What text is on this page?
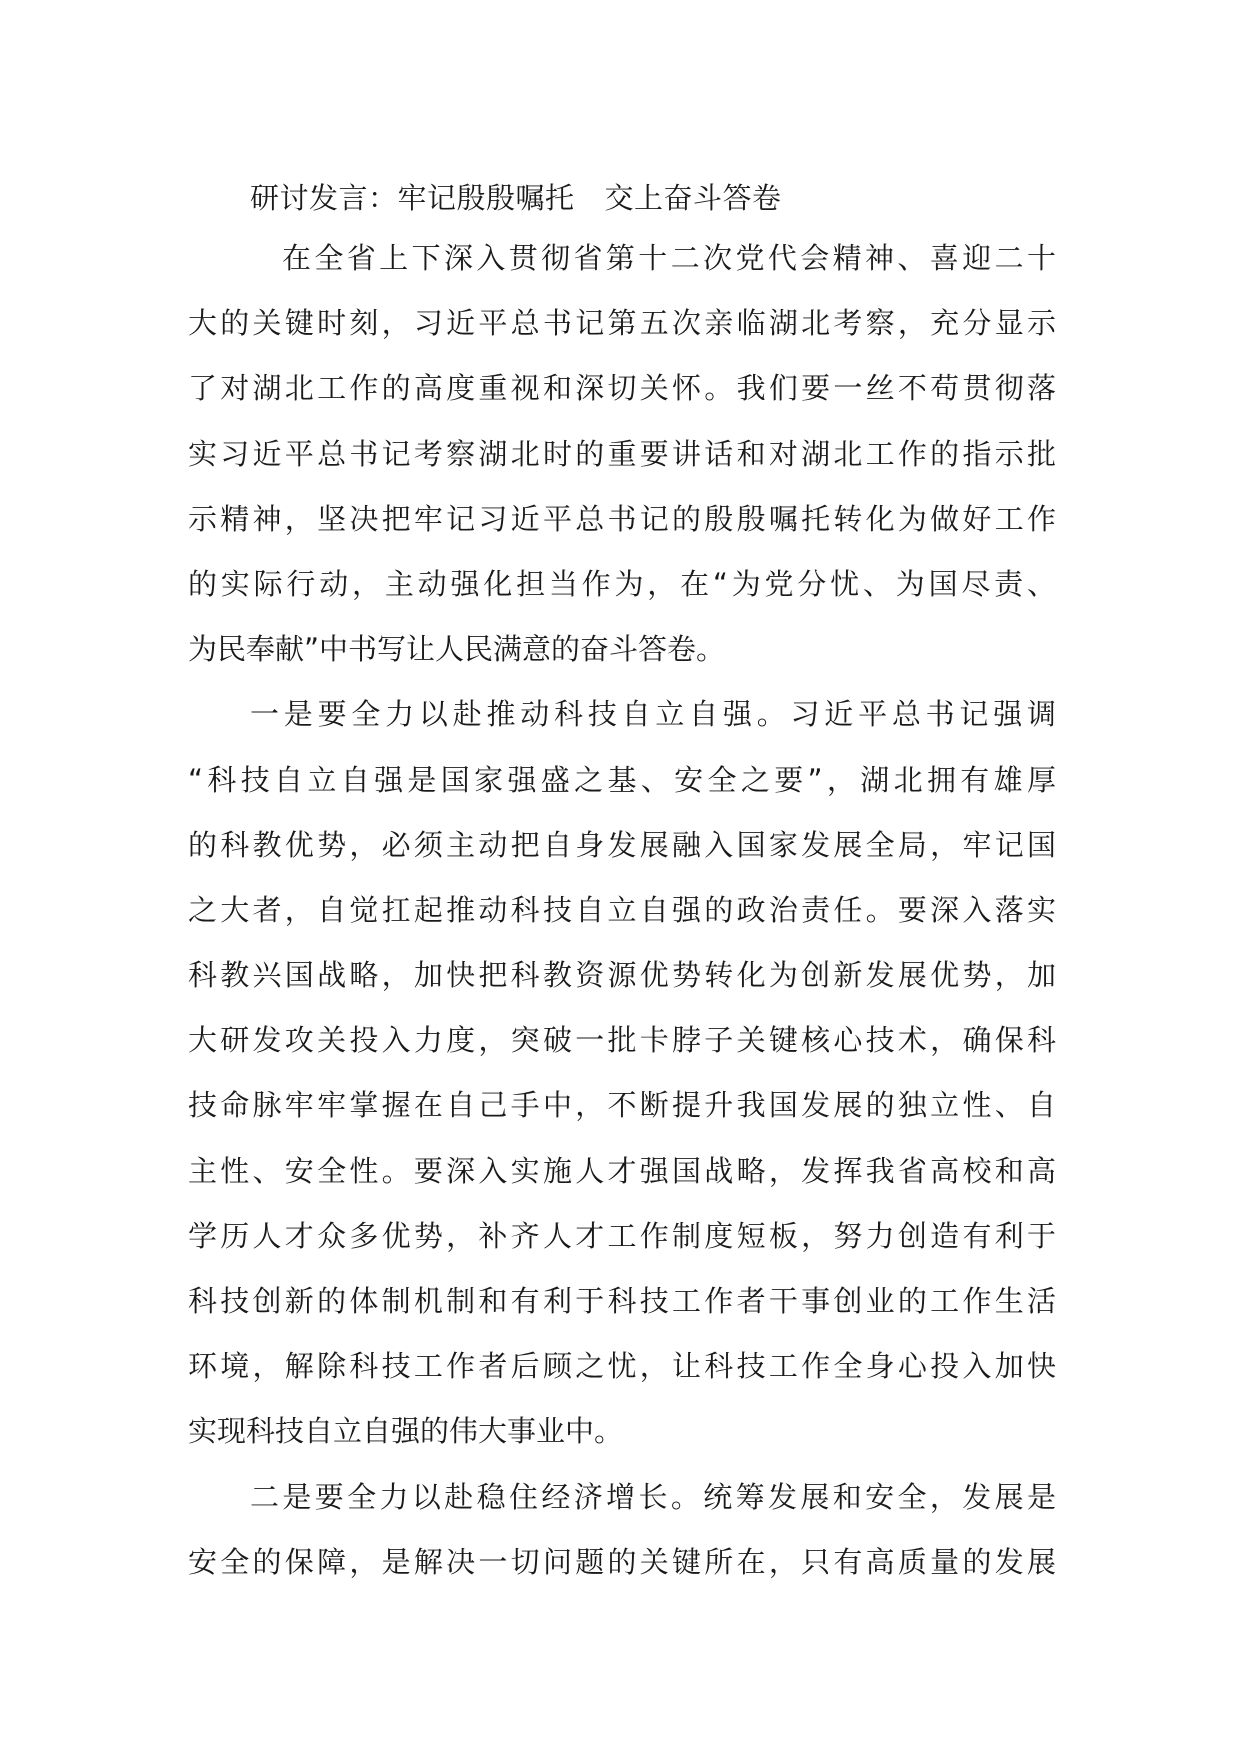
研讨发言：牢记殷殷嘱托 交上奋斗答卷
在全省上下深入贯彻省第十二次党代会精神、喜迎二十
大的关键时刻，习近平总书记第五次亲临湖北考察，充分显示
了对湖北工作的高度重视和深切关怀。我们要一丝不苟贯彻落
实习近平总书记考察湖北时的重要讲话和对湖北工作的指示批
示精神，坚决把牢记习近平总书记的殷殷嘱托转化为做好工作
的实际行动，主动强化担当作为，在“为党分忧、为国尽责、
为民奉献”中书写让人民满意的奋斗答卷。
一是要全力以赴推动科技自立自强。习近平总书记强调
“科技自立自强是国家强盛之基、安全之要”，湖北拥有雄厚
的科教优势，必须主动把自身发展融入国家发展全局，牢记国
之大者，自觉扛起推动科技自立自强的政治责任。要深入落实
科教兴国战略，加快把科教资源优势转化为创新发展优势，加
大研发攻关投入力度，突破一批卡脖子关键核心技术，确保科
技命脉牢牢掌握在自己手中，不断提升我国发展的独立性、自
主性、安全性。要深入实施人才强国战略，发挥我省高校和高
学历人才众多优势，补齐人才工作制度短板，努力创造有利于
科技创新的体制机制和有利于科技工作者干事创业的工作生活
环境，解除科技工作者后顾之忧，让科技工作全身心投入加快
实现科技自立自强的伟大事业中。
二是要全力以赴稳住经济增长。统筹发展和安全，发展是
安全的保障，是解决一切问题的关键所在，只有高质量的发展
